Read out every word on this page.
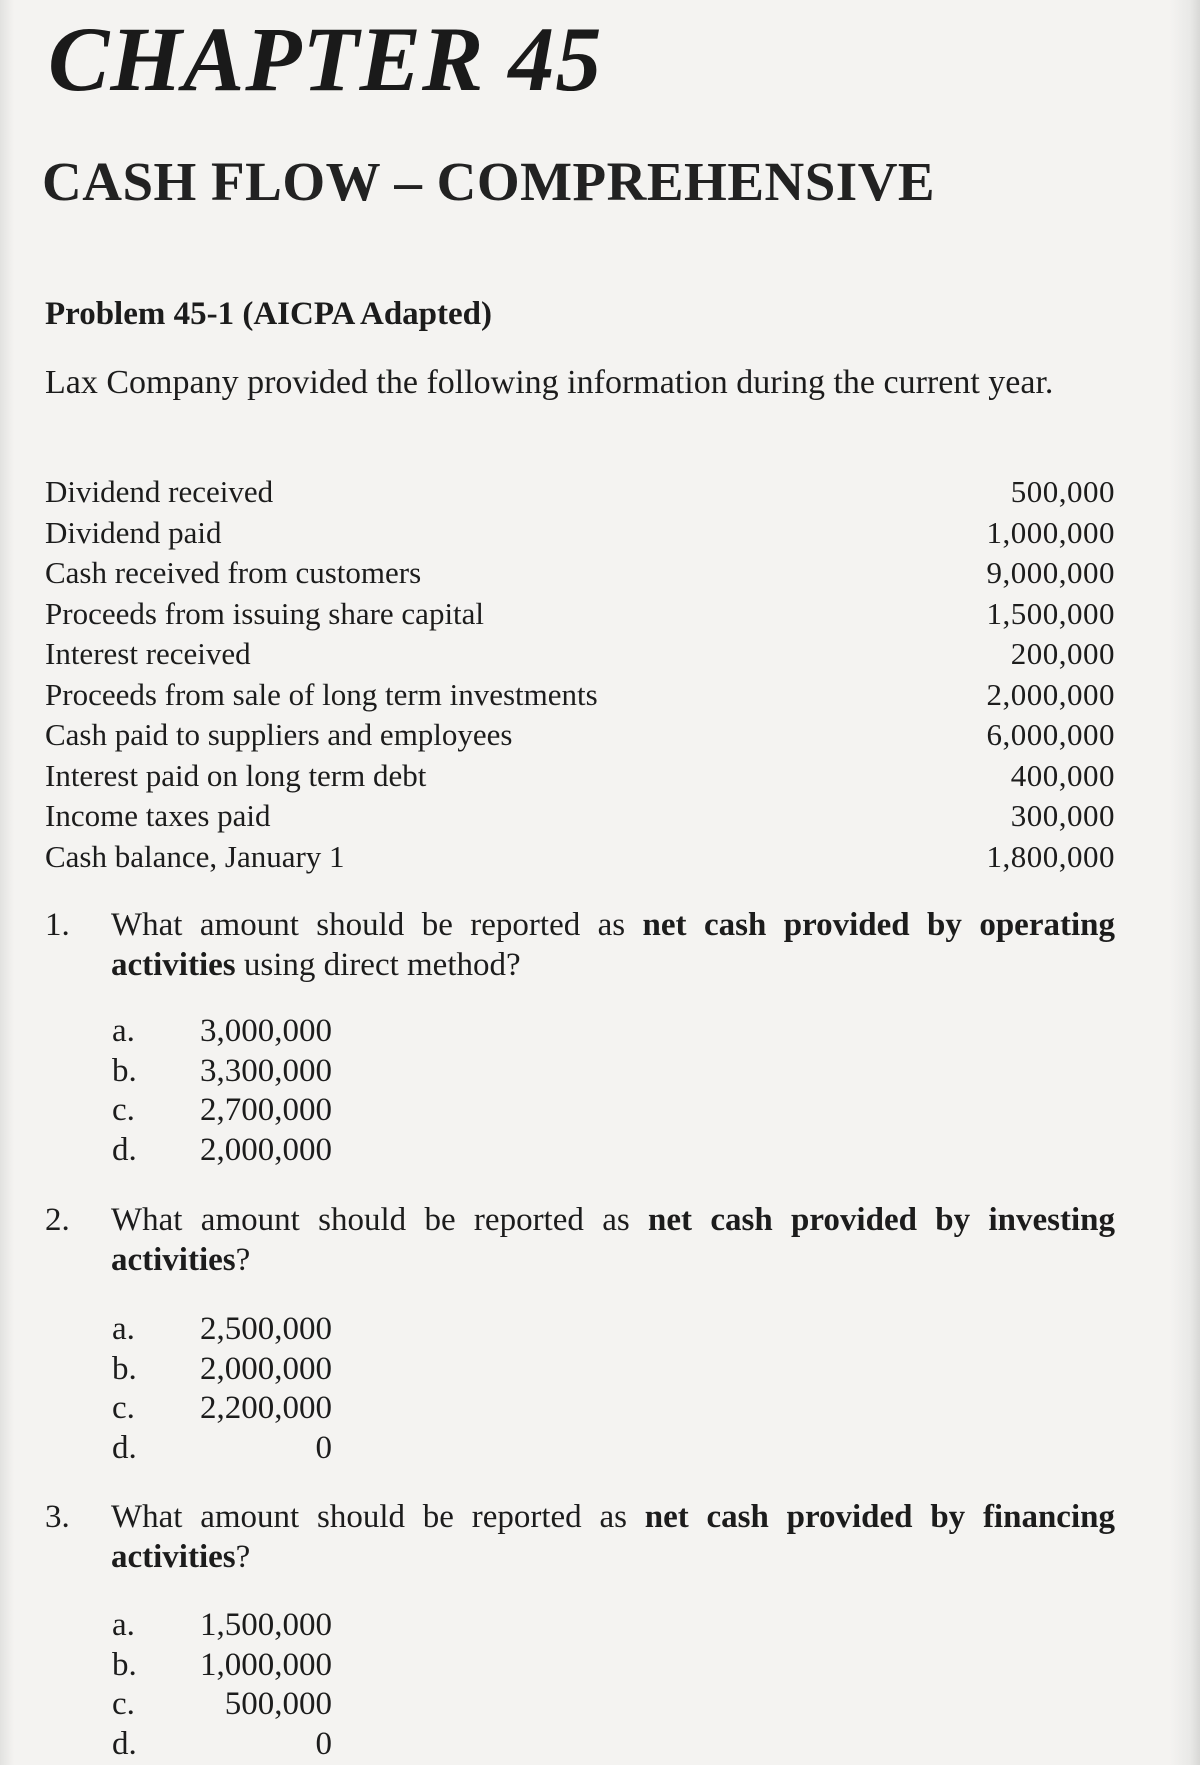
CHAPTER 45
CASH FLOW – COMPREHENSIVE

Problem 45-1 (AICPA Adapted)

Lax Company provided the following information during the current year.

Dividend received	500,000
Dividend paid	1,000,000
Cash received from customers	9,000,000
Proceeds from issuing share capital	1,500,000
Interest received	200,000
Proceeds from sale of long term investments	2,000,000
Cash paid to suppliers and employees	6,000,000
Interest paid on long term debt	400,000
Income taxes paid	300,000
Cash balance, January 1	1,800,000
1.	What amount should be reported as net cash provided by operating activities using direct method?
a.	3,000,000
b.	3,300,000
c.	2,700,000
d.	2,000,000
2.	What amount should be reported as net cash provided by investing activities?
a.	2,500,000
b.	2,000,000
c.	2,200,000
d.	0
3.	What amount should be reported as net cash provided by financing activities?
a.	1,500,000
b.	1,000,000
c.	500,000
d.	0
